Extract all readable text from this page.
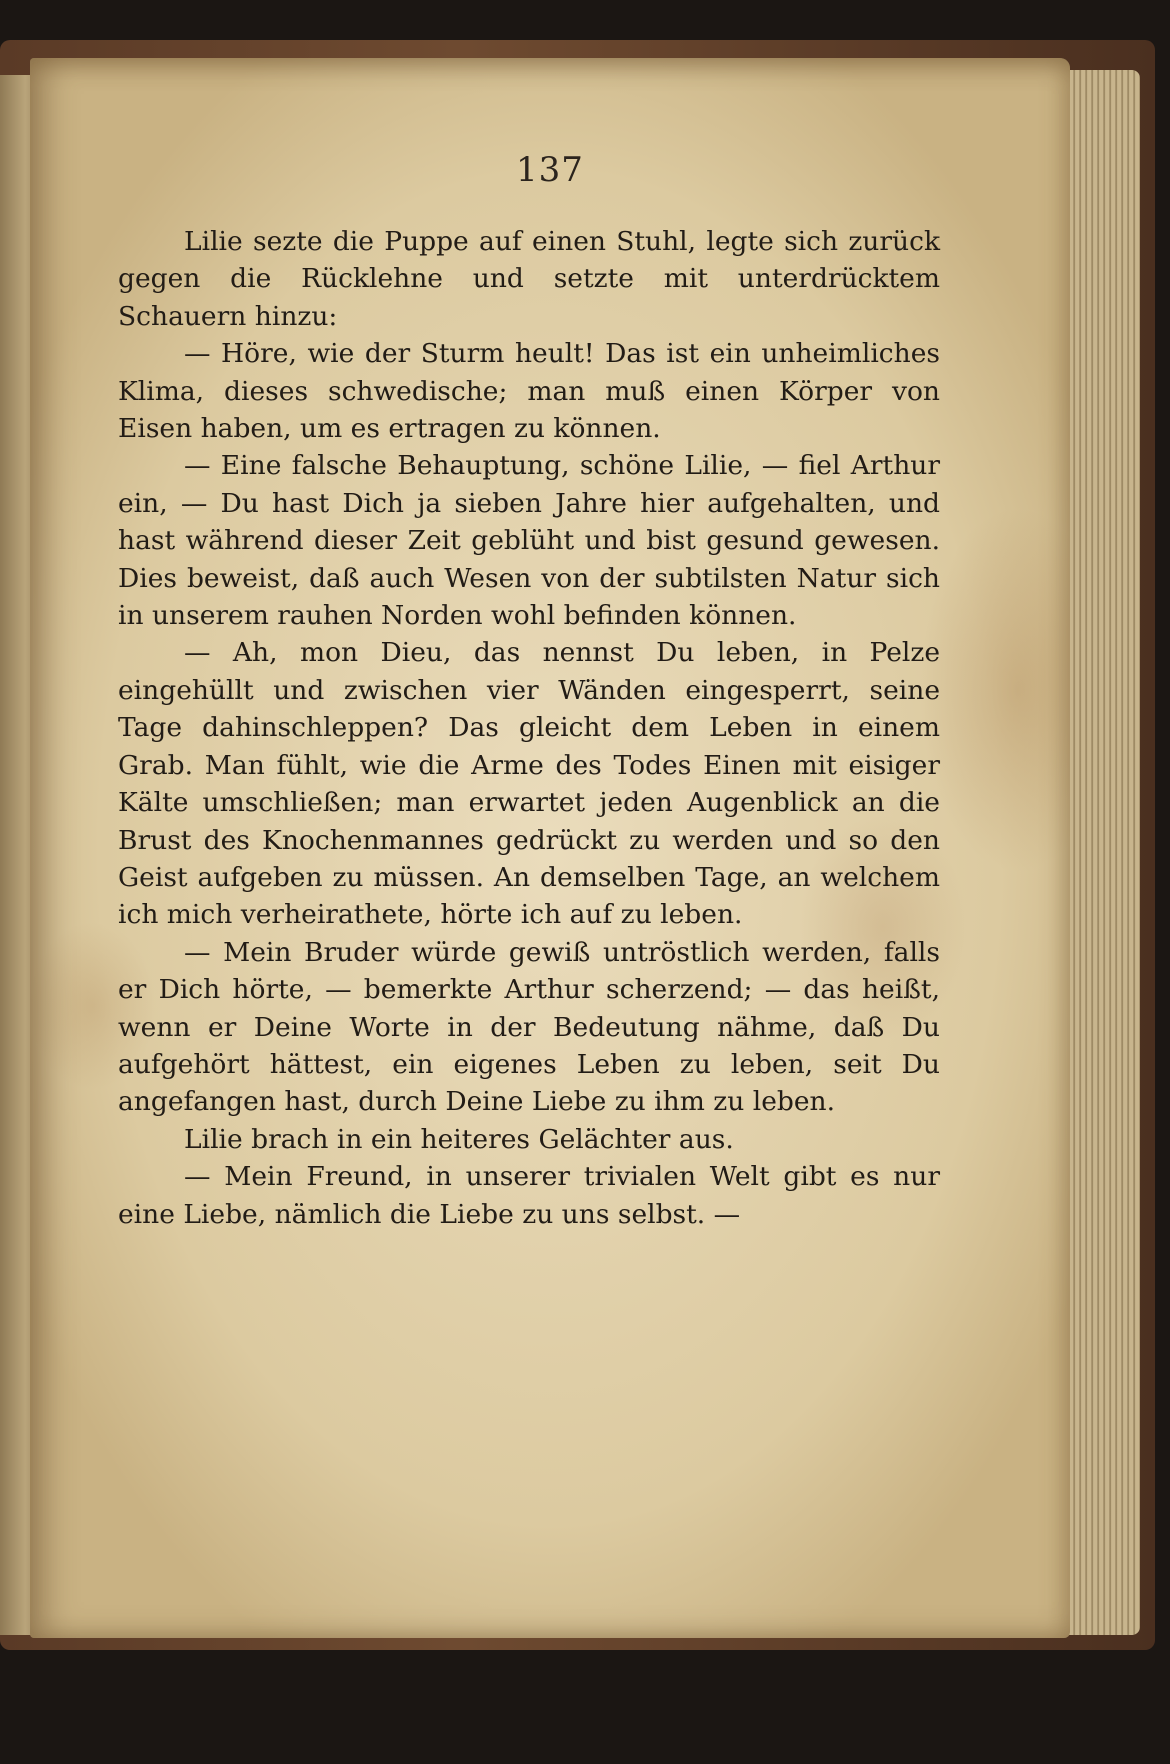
137

Lilie sezte die Puppe auf einen Stuhl, legte sich zurück gegen die Rücklehne und setzte mit unterdrücktem Schauern hinzu:

— Höre, wie der Sturm heult! Das ist ein unheimliches Klima, dieses schwedische; man muß einen Körper von Eisen haben, um es ertragen zu können.

— Eine falsche Behauptung, schöne Lilie, — fiel Arthur ein, — Du hast Dich ja sieben Jahre hier aufgehalten, und hast während dieser Zeit geblüht und bist gesund gewesen. Dies beweist, daß auch Wesen von der subtilsten Natur sich in unserem rauhen Norden wohl befinden können.

— Ah, mon Dieu, das nennst Du leben, in Pelze eingehüllt und zwischen vier Wänden eingesperrt, seine Tage dahinschleppen? Das gleicht dem Leben in einem Grab. Man fühlt, wie die Arme des Todes Einen mit eisiger Kälte umschließen; man erwartet jeden Augenblick an die Brust des Knochenmannes gedrückt zu werden und so den Geist aufgeben zu müssen. An demselben Tage, an welchem ich mich verheirathete, hörte ich auf zu leben.

— Mein Bruder würde gewiß untröstlich werden, falls er Dich hörte, — bemerkte Arthur scherzend; — das heißt, wenn er Deine Worte in der Bedeutung nähme, daß Du aufgehört hättest, ein eigenes Leben zu leben, seit Du angefangen hast, durch Deine Liebe zu ihm zu leben.

Lilie brach in ein heiteres Gelächter aus.

— Mein Freund, in unserer trivialen Welt gibt es nur eine Liebe, nämlich die Liebe zu uns selbst. —
